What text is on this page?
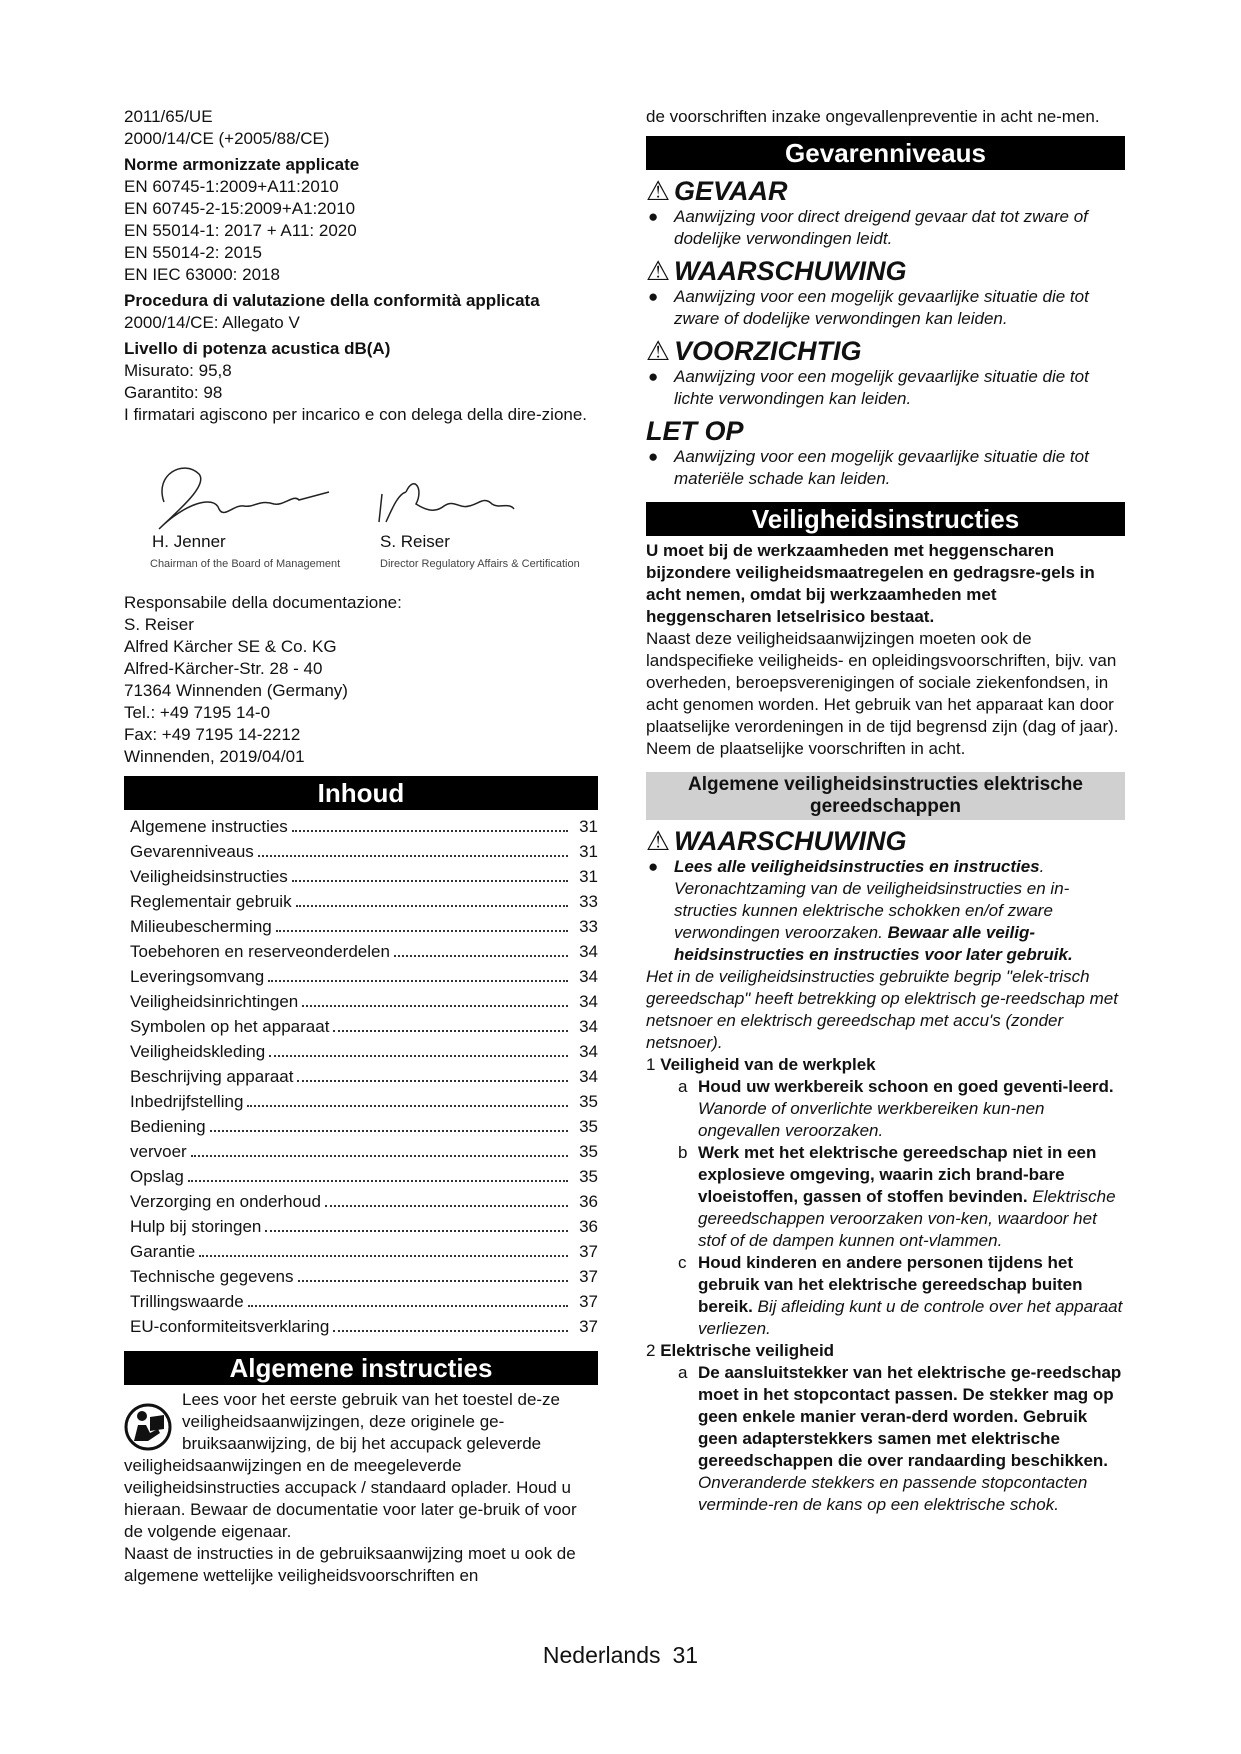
2011/65/UE

2000/14/CE (+2005/88/CE)

Norme armonizzate applicate

EN 60745-1:2009+A11:2010

EN 60745-2-15:2009+A1:2010

EN 55014-1: 2017 + A11: 2020

EN 55014-2: 2015

EN IEC 63000: 2018

Procedura di valutazione della conformità applicata

2000/14/CE: Allegato V

Livello di potenza acustica dB(A)

Misurato: 95,8

Garantito: 98

I firmatari agiscono per incarico e con delega della dire-zione.

H. Jenner
Chairman of the Board of Management
S. Reiser
Director Regulatory Affairs & Certification

Responsabile della documentazione:

S. Reiser

Alfred Kärcher SE & Co. KG

Alfred-Kärcher-Str. 28 - 40

71364 Winnenden (Germany)

Tel.: +49 7195 14-0

Fax: +49 7195 14-2212

Winnenden, 2019/04/01

Inhoud
Algemene instructies	31
Gevarenniveaus	31
Veiligheidsinstructies	31
Reglementair gebruik	33
Milieubescherming	33
Toebehoren en reserveonderdelen	34
Leveringsomvang	34
Veiligheidsinrichtingen	34
Symbolen op het apparaat	34
Veiligheidskleding	34
Beschrijving apparaat	34
Inbedrijfstelling	35
Bediening	35
vervoer	35
Opslag	35
Verzorging en onderhoud	36
Hulp bij storingen	36
Garantie	37
Technische gegevens	37
Trillingswaarde	37
EU-conformiteitsverklaring	37
Algemene instructies

Lees voor het eerste gebruik van het toestel de-ze veiligheidsaanwijzingen, deze originele ge-bruiksaanwijzing, de bij het accupack geleverde veiligheidsaanwijzingen en de meegeleverde veiligheidsinstructies accupack / standaard oplader. Houd u hieraan. Bewaar de documentatie voor later ge-bruik of voor de volgende eigenaar.

Naast de instructies in de gebruiksaanwijzing moet u ook de algemene wettelijke veiligheidsvoorschriften en

de voorschriften inzake ongevallenpreventie in acht ne-men.

Gevarenniveaus
⚠ GEVAAR
● Aanwijzing voor direct dreigend gevaar dat tot zware of dodelijke verwondingen leidt.
⚠ WAARSCHUWING
● Aanwijzing voor een mogelijk gevaarlijke situatie die tot zware of dodelijke verwondingen kan leiden.
⚠ VOORZICHTIG
● Aanwijzing voor een mogelijk gevaarlijke situatie die tot lichte verwondingen kan leiden.
LET OP
● Aanwijzing voor een mogelijk gevaarlijke situatie die tot materiële schade kan leiden.
Veiligheidsinstructies

U moet bij de werkzaamheden met heggenscharen bijzondere veiligheidsmaatregelen en gedragsre-gels in acht nemen, omdat bij werkzaamheden met heggenscharen letselrisico bestaat.

Naast deze veiligheidsaanwijzingen moeten ook de landspecifieke veiligheids- en opleidingsvoorschriften, bijv. van overheden, beroepsverenigingen of sociale ziekenfondsen, in acht genomen worden. Het gebruik van het apparaat kan door plaatselijke verordeningen in de tijd begrensd zijn (dag of jaar). Neem de plaatselijke voorschriften in acht.

Algemene veiligheidsinstructies elektrische gereedschappen
⚠ WAARSCHUWING
● Lees alle veiligheidsinstructies en instructies. Veronachtzaming van de veiligheidsinstructies en in-structies kunnen elektrische schokken en/of zware verwondingen veroorzaken. Bewaar alle veilig-heidsinstructies en instructies voor later gebruik.

Het in de veiligheidsinstructies gebruikte begrip "elek-trisch gereedschap" heeft betrekking op elektrisch ge-reedschap met netsnoer en elektrisch gereedschap met accu's (zonder netsnoer).

1 Veiligheid van de werkplek
a Houd uw werkbereik schoon en goed geventi-leerd. Wanorde of onverlichte werkbereiken kun-nen ongevallen veroorzaken.
b Werk met het elektrische gereedschap niet in een explosieve omgeving, waarin zich brand-bare vloeistoffen, gassen of stoffen bevinden. Elektrische gereedschappen veroorzaken von-ken, waardoor het stof of de dampen kunnen ont-vlammen.
c Houd kinderen en andere personen tijdens het gebruik van het elektrische gereedschap buiten bereik. Bij afleiding kunt u de controle over het apparaat verliezen.
2 Elektrische veiligheid
a De aansluitstekker van het elektrische ge-reedschap moet in het stopcontact passen. De stekker mag op geen enkele manier veran-derd worden. Gebruik geen adapterstekkers samen met elektrische gereedschappen die over randaarding beschikken. Onveranderde stekkers en passende stopcontacten verminde-ren de kans op een elektrische schok.
Nederlands 31
